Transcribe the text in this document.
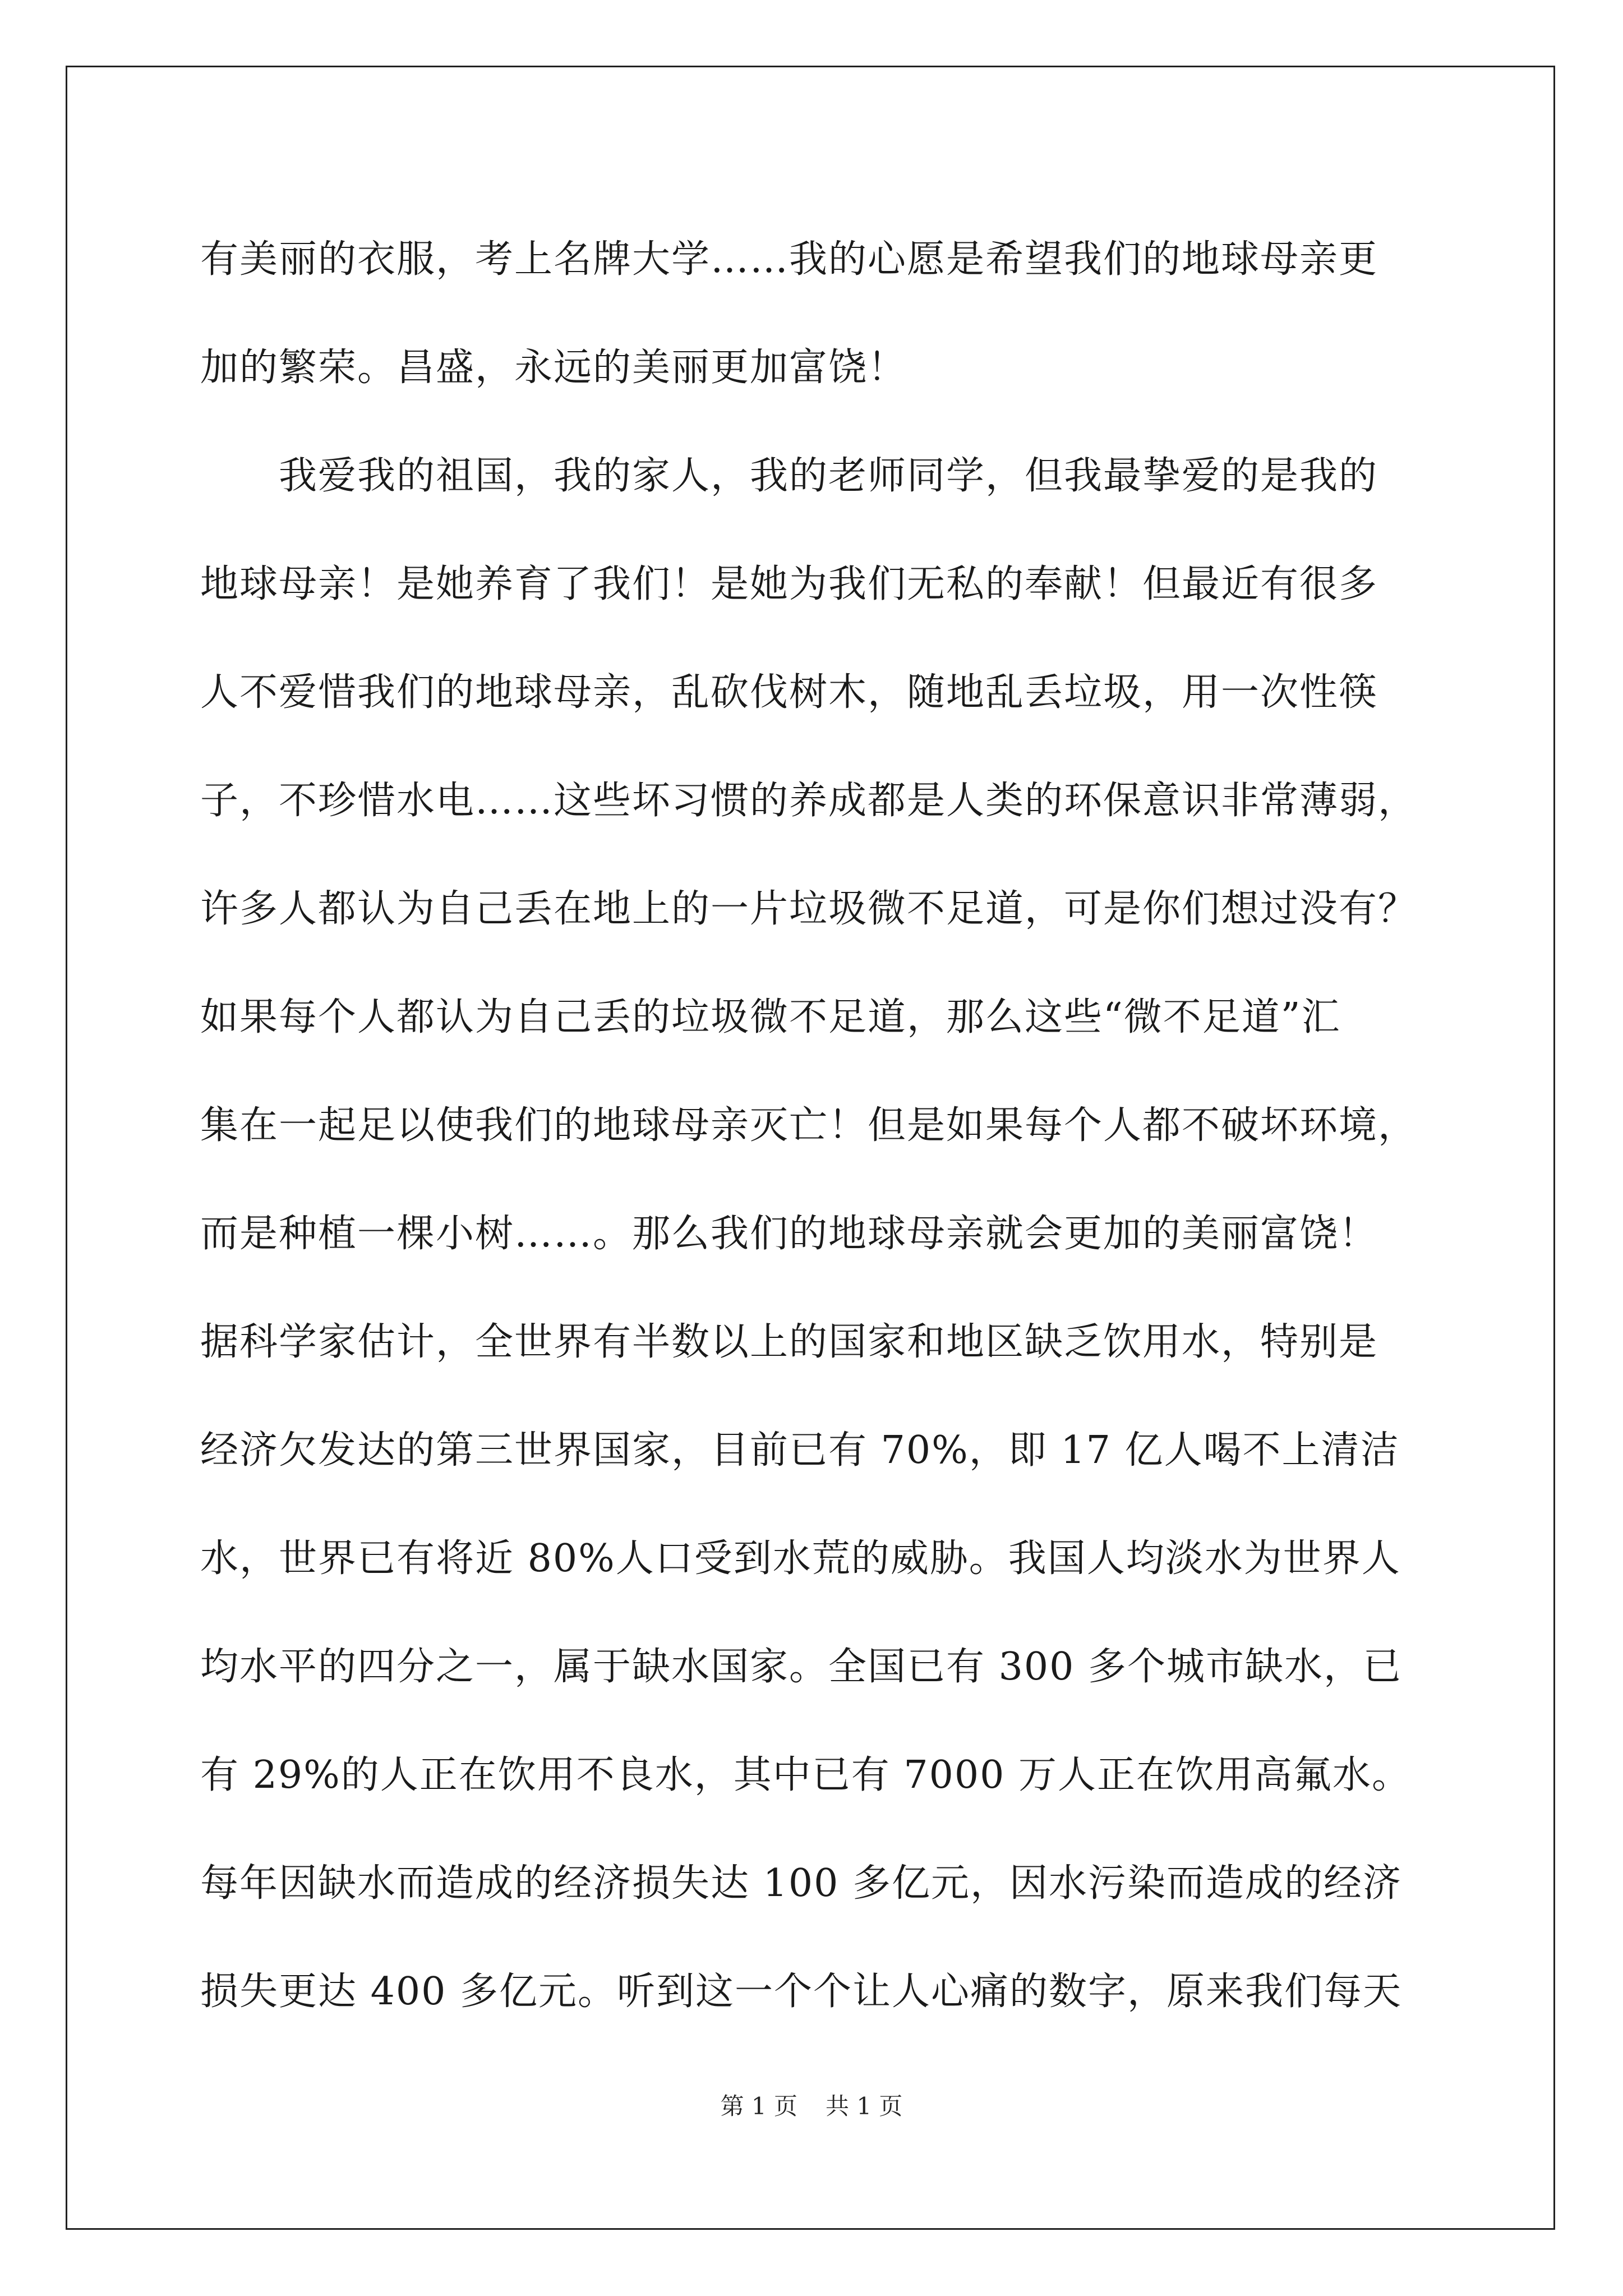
有美丽的衣服，考上名牌大学……我的心愿是希望我们的地球母亲更
加的繁荣。昌盛，永远的美丽更加富饶！
我爱我的祖国，我的家人，我的老师同学，但我最挚爱的是我的
地球母亲！是她养育了我们！是她为我们无私的奉献！但最近有很多
人不爱惜我们的地球母亲，乱砍伐树木，随地乱丢垃圾，用一次性筷
子，不珍惜水电……这些坏习惯的养成都是人类的环保意识非常薄弱，
许多人都认为自己丢在地上的一片垃圾微不足道，可是你们想过没有？
如果每个人都认为自己丢的垃圾微不足道，那么这些“微不足道”汇
集在一起足以使我们的地球母亲灭亡！但是如果每个人都不破坏环境，
而是种植一棵小树……。那么我们的地球母亲就会更加的美丽富饶！
据科学家估计，全世界有半数以上的国家和地区缺乏饮用水，特别是
经济欠发达的第三世界国家，目前已有 70%，即 17 亿人喝不上清洁
水，世界已有将近 80%人口受到水荒的威胁。我国人均淡水为世界人
均水平的四分之一，属于缺水国家。全国已有 300 多个城市缺水，已
有 29%的人正在饮用不良水，其中已有 7000 万人正在饮用高氟水。
每年因缺水而造成的经济损失达 100 多亿元，因水污染而造成的经济
损失更达 400 多亿元。听到这一个个让人心痛的数字，原来我们每天
第 1 页 共 1 页
